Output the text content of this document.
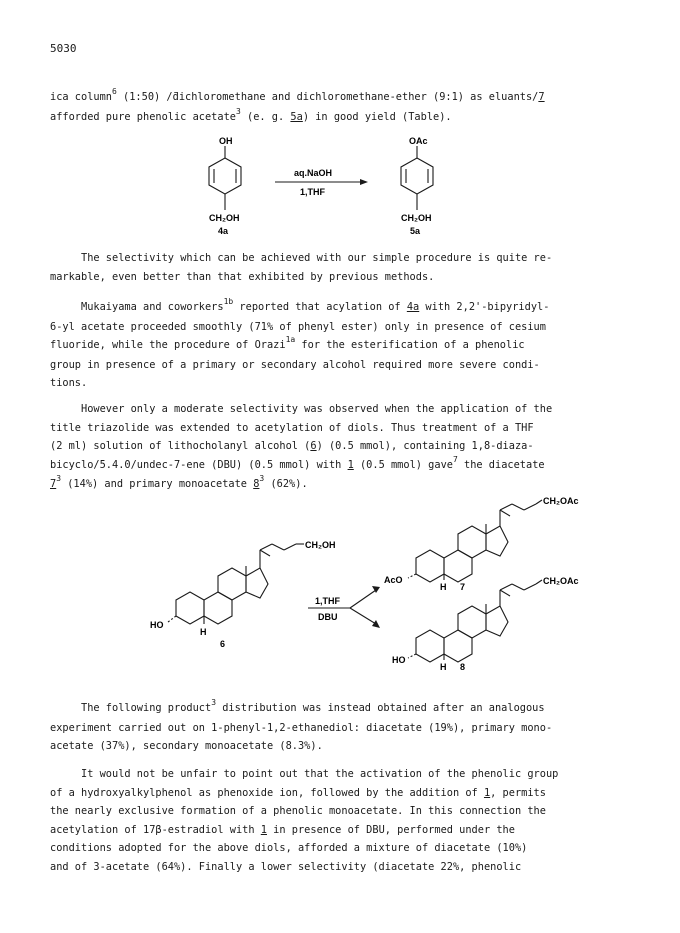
5030
ica column$^6$ (1:50) /̄dichloromethane and dichloromethane-ether (9:1) as eluants/7
afforded pure phenolic acetate$^3$ (e. g. 5a) in good yield (Table).
OH
CH₂OH
4a
aq.NaOH
1,THF
OAc
CH₂OH
5a
The selectivity which can be achieved with our simple procedure is quite re-
markable, even better than that exhibited by previous methods.
Mukaiyama and coworkers$^{1b}$ reported that acylation of 4a with 2,2'-bipyridyl-
6-yl acetate proceeded smoothly (71% of phenyl ester) only in presence of cesium
fluoride, while the procedure of Orazi$^{1a}$ for the esterification of a phenolic
group in presence of a primary or secondary alcohol required more severe condi-
tions.
However only a moderate selectivity was observed when the application of the
title triazolide was extended to acetylation of diols. Thus treatment of a THF
(2 ml) solution of lithocholanyl alcohol (6) (0.5 mmol), containing 1,8-diaza-
bicyclo/̄5.4.0/undec-7-ene (DBU) (0.5 mmol) with 1 (0.5 mmol) gave$^7$ the diacetate
$7^3$ (14%) and primary monoacetate $8^3$ (62%).
CH₂OH
HO
H
6
1,THF
DBU
CH₂OAc
AcO
H 7
CH₂OAc
HO
H 8
The following product$^3$ distribution was instead obtained after an analogous
experiment carried out on 1-phenyl-1,2-ethanediol: diacetate (19%), primary mono-
acetate (37%), secondary monoacetate (8.3%).
It would not be unfair to point out that the activation of the phenolic group
of a hydroxyalkylphenol as phenoxide ion, followed by the addition of 1, permits
the nearly exclusive formation of a phenolic monoacetate. In this connection the
acetylation of 17β-estradiol with 1 in presence of DBU, performed under the
conditions adopted for the above diols, afforded a mixture of diacetate (10%)
and of 3-acetate (64%). Finally a lower selectivity (diacetate 22%, phenolic
